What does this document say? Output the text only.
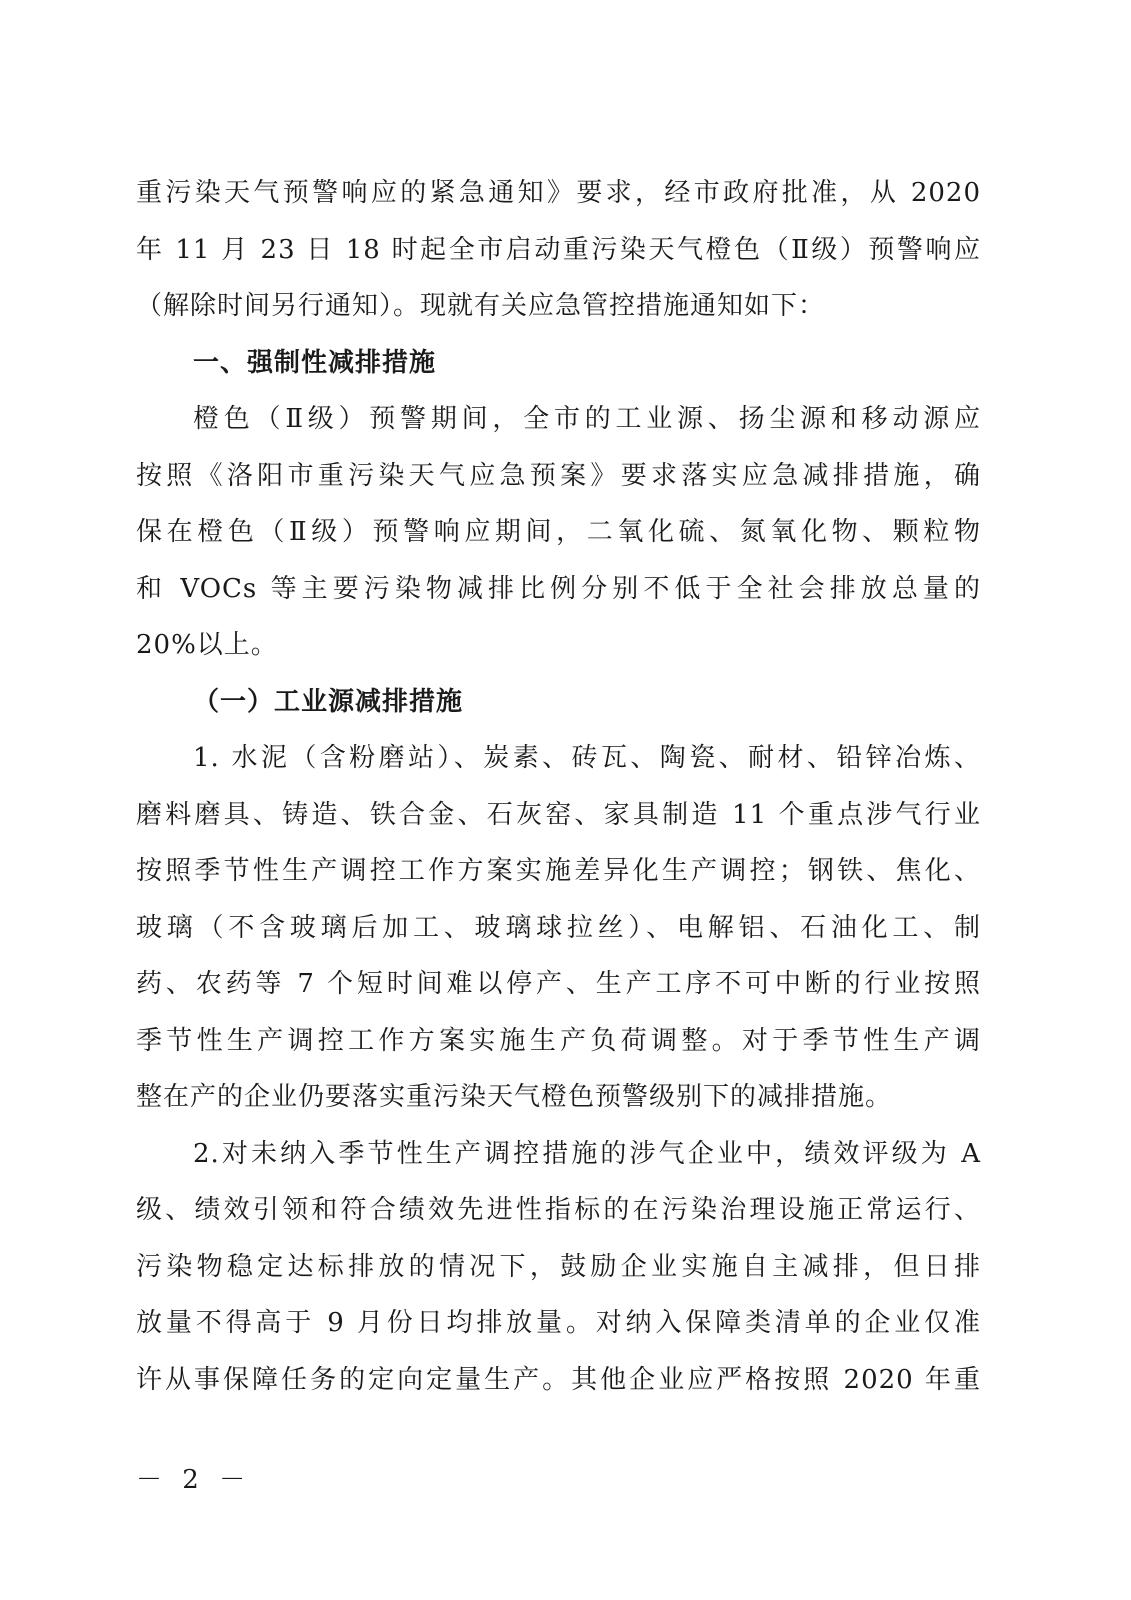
重污染天气预警响应的紧急通知》要求，经市政府批准，从 2020
年 11 月 23 日 18 时起全市启动重污染天气橙色（Ⅱ级）预警响应
（解除时间另行通知）。现就有关应急管控措施通知如下：
一、强制性减排措施
橙色（Ⅱ级）预警期间，全市的工业源、扬尘源和移动源应
按照《洛阳市重污染天气应急预案》要求落实应急减排措施，确
保在橙色（Ⅱ级）预警响应期间，二氧化硫、氮氧化物、颗粒物
和 VOCs 等主要污染物减排比例分别不低于全社会排放总量的
20%以上。
（一）工业源减排措施
1. 水泥（含粉磨站）、炭素、砖瓦、陶瓷、耐材、铅锌冶炼、
磨料磨具、铸造、铁合金、石灰窑、家具制造 11 个重点涉气行业
按照季节性生产调控工作方案实施差异化生产调控；钢铁、焦化、
玻璃（不含玻璃后加工、玻璃球拉丝）、电解铝、石油化工、制
药、农药等 7 个短时间难以停产、生产工序不可中断的行业按照
季节性生产调控工作方案实施生产负荷调整。对于季节性生产调
整在产的企业仍要落实重污染天气橙色预警级别下的减排措施。
2.对未纳入季节性生产调控措施的涉气企业中，绩效评级为 A
级、绩效引领和符合绩效先进性指标的在污染治理设施正常运行、
污染物稳定达标排放的情况下，鼓励企业实施自主减排，但日排
放量不得高于 9 月份日均排放量。对纳入保障类清单的企业仅准
许从事保障任务的定向定量生产。其他企业应严格按照 2020 年重
－ 2 －
